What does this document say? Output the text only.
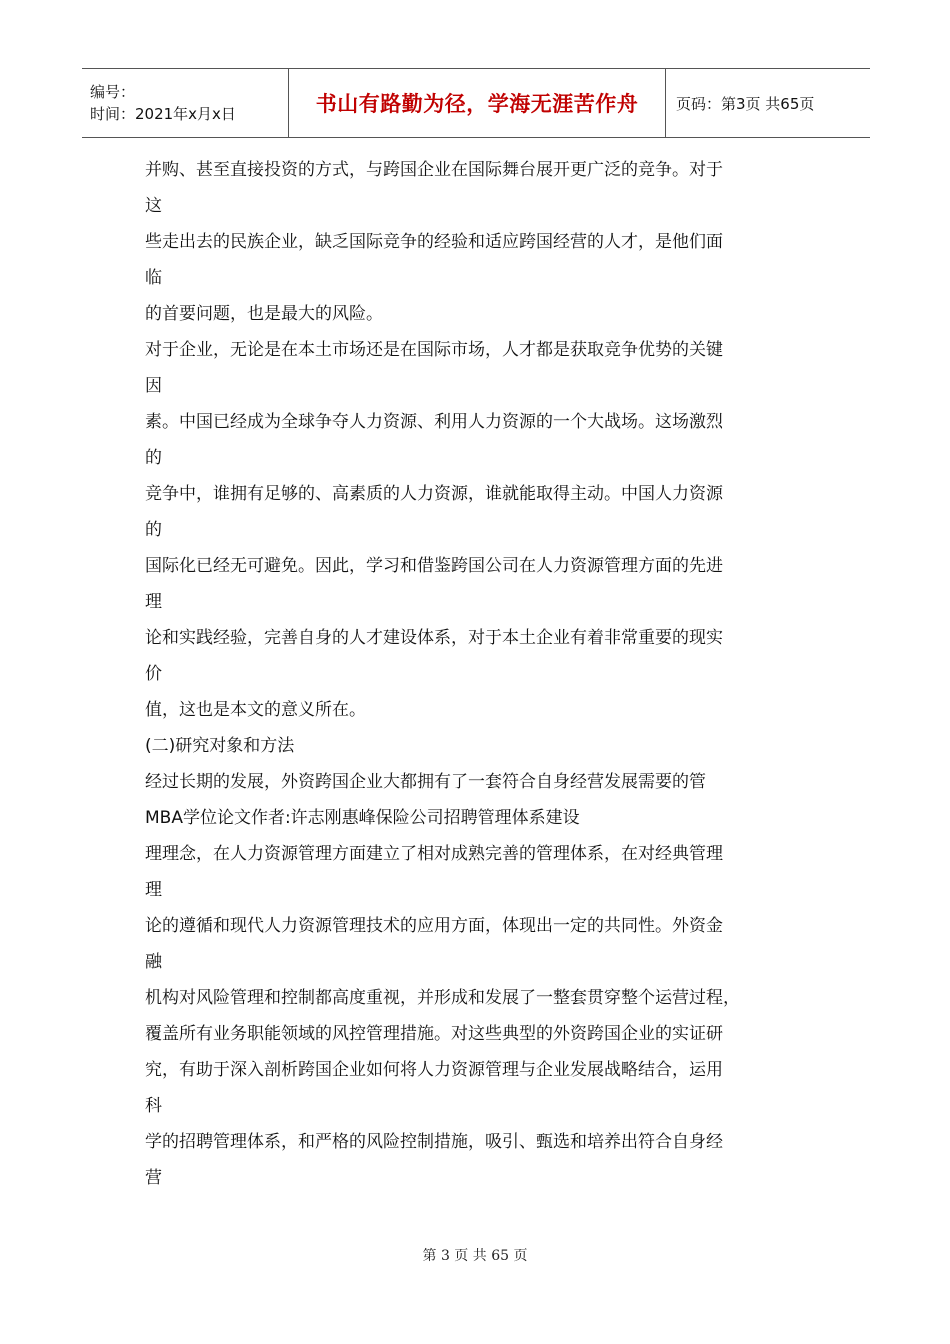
编号：
时间：2021年x月x日	书山有路勤为径，学海无涯苦作舟	页码：第3页 共65页
并购、甚至直接投资的方式，与跨国企业在国际舞台展开更广泛的竞争。对于
这
些走出去的民族企业，缺乏国际竞争的经验和适应跨国经营的人才，是他们面
临
的首要问题，也是最大的风险。
对于企业，无论是在本土市场还是在国际市场，人才都是获取竞争优势的关键
因
素。中国已经成为全球争夺人力资源、利用人力资源的一个大战场。这场激烈
的
竞争中，谁拥有足够的、高素质的人力资源，谁就能取得主动。中国人力资源
的
国际化已经无可避免。因此，学习和借鉴跨国公司在人力资源管理方面的先进
理
论和实践经验，完善自身的人才建设体系，对于本土企业有着非常重要的现实
价
值，这也是本文的意义所在。
(二)研究对象和方法
经过长期的发展，外资跨国企业大都拥有了一套符合自身经营发展需要的管
MBA学位论文作者:许志刚惠峰保险公司招聘管理体系建设
理理念，在人力资源管理方面建立了相对成熟完善的管理体系，在对经典管理
理
论的遵循和现代人力资源管理技术的应用方面，体现出一定的共同性。外资金
融
机构对风险管理和控制都高度重视，并形成和发展了一整套贯穿整个运营过程，
覆盖所有业务职能领域的风控管理措施。对这些典型的外资跨国企业的实证研
究，有助于深入剖析跨国企业如何将人力资源管理与企业发展战略结合，运用
科
学的招聘管理体系，和严格的风险控制措施，吸引、甄选和培养出符合自身经
营
第 3 页 共 65 页
